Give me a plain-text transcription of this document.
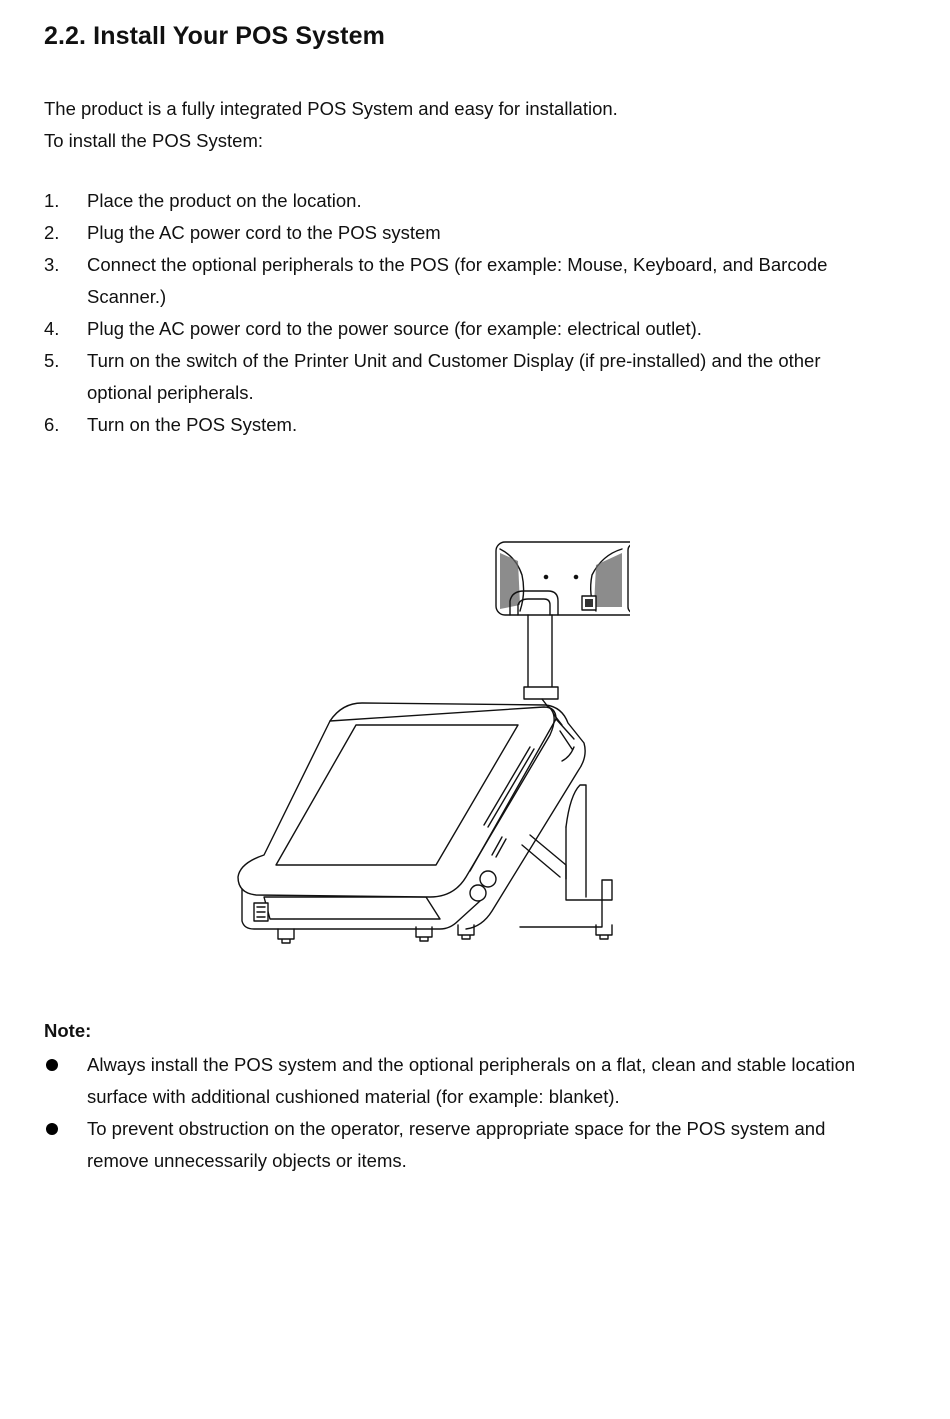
2.2. Install Your POS System

The product is a fully integrated POS System and easy for installation.

To install the POS System:

1.	Place the product on the location.
2.	Plug the AC power cord to the POS system
3.	Connect the optional peripherals to the POS (for example: Mouse, Keyboard, and Barcode Scanner.)
4.	Plug the AC power cord to the power source (for example: electrical outlet).
5.	Turn on the switch of the Printer Unit and Customer Display (if pre-installed) and the other optional peripherals.
6.	Turn on the POS System.

Note:

Always install the POS system and the optional peripherals on a flat, clean and stable location surface with additional cushioned material (for example: blanket).
To prevent obstruction on the operator, reserve appropriate space for the POS system and remove unnecessarily objects or items.
